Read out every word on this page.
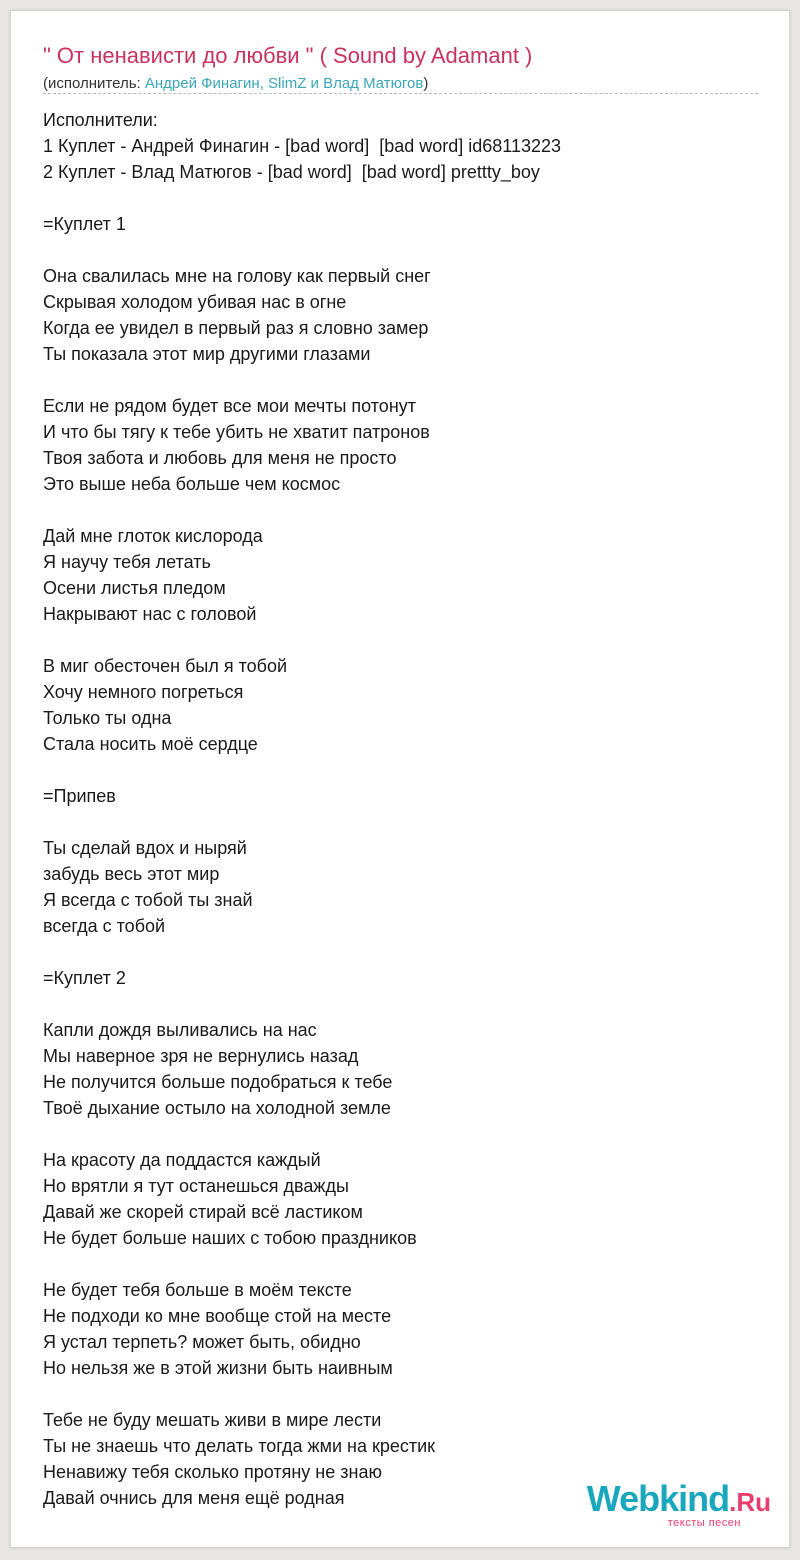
" От ненависти до любви " ( Sound by Adamant )
(исполнитель: Андрей Финагин, SlimZ и Влад Матюгов)
Исполнители:
1 Куплет - Андрей Финагин - [bad word]  [bad word] id68113223
2 Куплет - Влад Матюгов - [bad word]  [bad word] prettty_boy

=Куплет 1

Она свалилась мне на голову как первый снег
Скрывая холодом убивая нас в огне
Когда ее увидел в первый раз я словно замер
Ты показала этот мир другими глазами

Если не рядом будет все мои мечты потонут
И что бы тягу к тебе убить не хватит патронов
Твоя забота и любовь для меня не просто
Это выше неба больше чем космос

Дай мне глоток кислорода
Я научу тебя летать
Осени листья пледом
Накрывают нас с головой

В миг обесточен был я тобой
Хочу немного погреться
Только ты одна
Стала носить моё сердце

=Припев

Ты сделай вдох и ныряй
забудь весь этот мир
Я всегда с тобой ты знай
всегда с тобой

=Куплет 2

Капли дождя выливались на нас
Мы наверное зря не вернулись назад
Не получится больше подобраться к тебе
Твоё дыхание остыло на холодной земле

На красоту да поддастся каждый
Но врятли я тут останешься дважды
Давай же скорей стирай всё ластиком
Не будет больше наших с тобою праздников

Не будет тебя больше в моём тексте
Не подходи ко мне вообще стой на месте
Я устал терпеть? может быть, обидно
Но нельзя же в этой жизни быть наивным

Тебе не буду мешать живи в мире лести
Ты не знаешь что делать тогда жми на крестик
Ненавижу тебя сколько протяну не знаю
Давай очнись для меня ещё родная	Webkind.Ru
тексты песен
